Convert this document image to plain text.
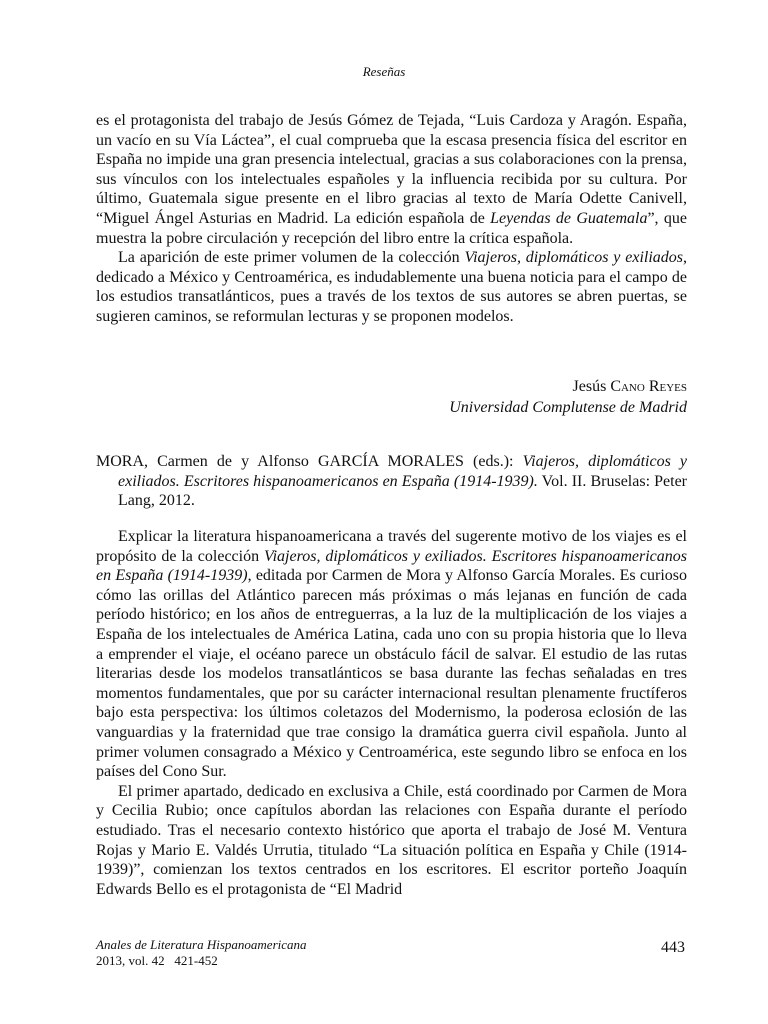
Reseñas

es el protagonista del trabajo de Jesús Gómez de Tejada, “Luis Cardoza y Aragón. España, un vacío en su Vía Láctea”, el cual comprueba que la escasa presencia física del escritor en España no impide una gran presencia intelectual, gracias a sus colaboraciones con la prensa, sus vínculos con los intelectuales españoles y la influencia recibida por su cultura. Por último, Guatemala sigue presente en el libro gracias al texto de María Odette Canivell, “Miguel Ángel Asturias en Madrid. La edición española de Leyendas de Guatemala”, que muestra la pobre circulación y recepción del libro entre la crítica española.

La aparición de este primer volumen de la colección Viajeros, diplomáticos y exiliados, dedicado a México y Centroamérica, es indudablemente una buena noticia para el campo de los estudios transatlánticos, pues a través de los textos de sus autores se abren puertas, se sugieren caminos, se reformulan lecturas y se proponen modelos.

Jesús Cano Reyes
Universidad Complutense de Madrid

MORA, Carmen de y Alfonso GARCÍA MORALES (eds.): Viajeros, diplomáticos y exiliados. Escritores hispanoamericanos en España (1914-1939). Vol. II. Bruselas: Peter Lang, 2012.

Explicar la literatura hispanoamericana a través del sugerente motivo de los viajes es el propósito de la colección Viajeros, diplomáticos y exiliados. Escritores hispanoamericanos en España (1914-1939), editada por Carmen de Mora y Alfonso García Morales. Es curioso cómo las orillas del Atlántico parecen más próximas o más lejanas en función de cada período histórico; en los años de entreguerras, a la luz de la multiplicación de los viajes a España de los intelectuales de América Latina, cada uno con su propia historia que lo lleva a emprender el viaje, el océano parece un obstáculo fácil de salvar. El estudio de las rutas literarias desde los modelos transatlánticos se basa durante las fechas señaladas en tres momentos fundamentales, que por su carácter internacional resultan plenamente fructíferos bajo esta perspectiva: los últimos coletazos del Modernismo, la poderosa eclosión de las vanguardias y la fraternidad que trae consigo la dramática guerra civil española. Junto al primer volumen consagrado a México y Centroamérica, este segundo libro se enfoca en los países del Cono Sur.

El primer apartado, dedicado en exclusiva a Chile, está coordinado por Carmen de Mora y Cecilia Rubio; once capítulos abordan las relaciones con España durante el período estudiado. Tras el necesario contexto histórico que aporta el trabajo de José M. Ventura Rojas y Mario E. Valdés Urrutia, titulado “La situación política en España y Chile (1914-1939)”, comienzan los textos centrados en los escritores. El escritor porteño Joaquín Edwards Bello es el protagonista de “El Madrid

Anales de Literatura Hispanoamericana
2013, vol. 42 421-452
443
